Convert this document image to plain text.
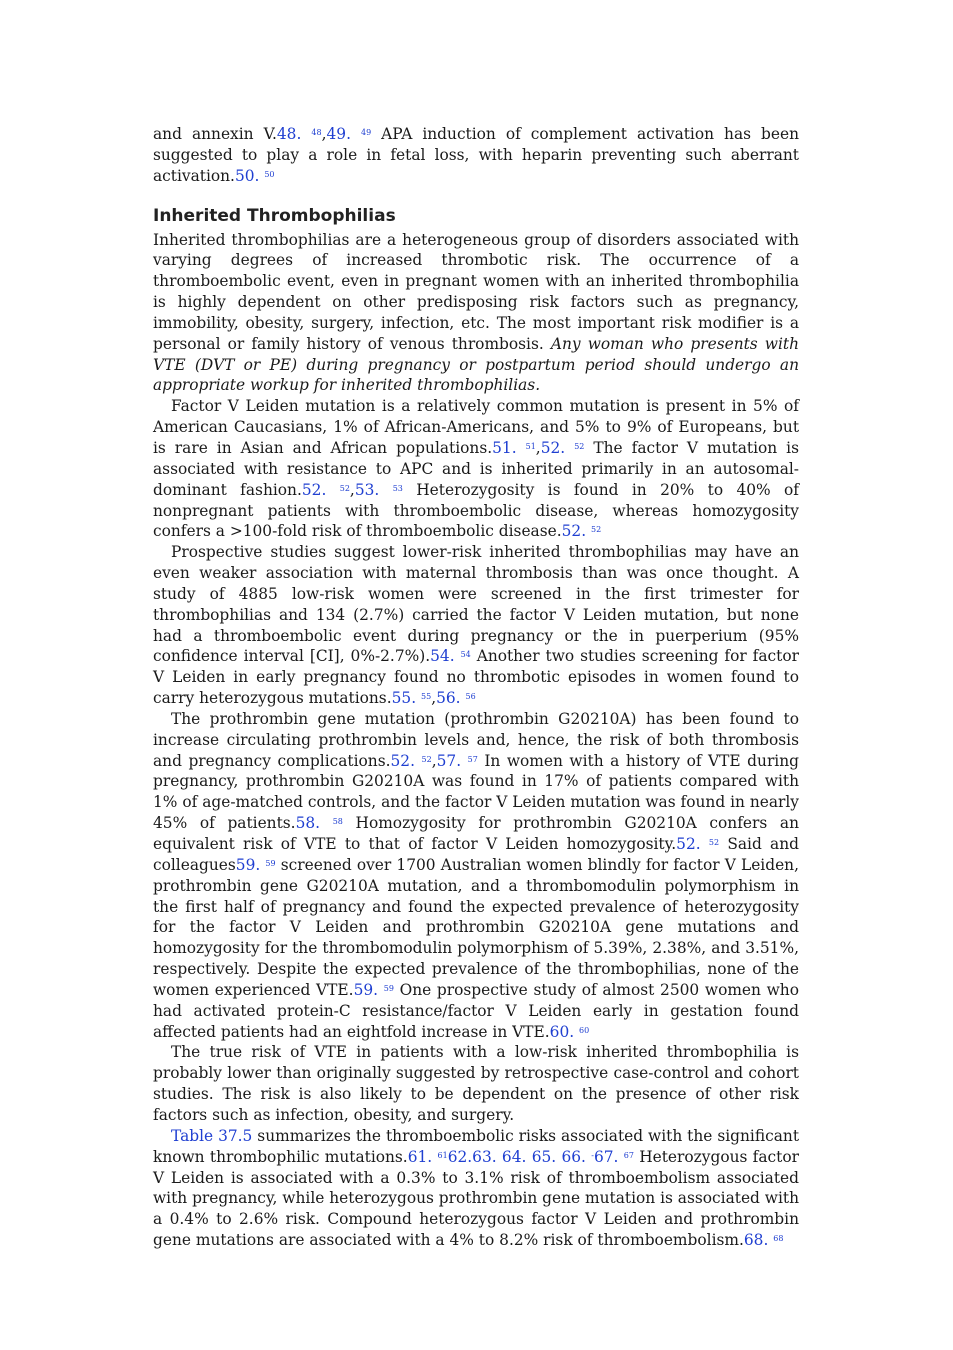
and annexin V.48. $^{48}$,49. $^{49}$ APA induction of complement activation has been suggested to play a role in fetal loss, with heparin preventing such aberrant activation.50. $^{50}$

Inherited Thrombophilias

Inherited thrombophilias are a heterogeneous group of disorders associated with varying degrees of increased thrombotic risk. The occurrence of a thromboembolic event, even in pregnant women with an inherited thrombophilia is highly dependent on other predisposing risk factors such as pregnancy, immobility, obesity, surgery, infection, etc. The most important risk modifier is a personal or family history of venous thrombosis. Any woman who presents with VTE (DVT or PE) during pregnancy or postpartum period should undergo an appropriate workup for inherited thrombophilias.

Factor V Leiden mutation is a relatively common mutation is present in 5% of American Caucasians, 1% of African-Americans, and 5% to 9% of Europeans, but is rare in Asian and African populations.51. $^{51}$,52. $^{52}$ The factor V mutation is associated with resistance to APC and is inherited primarily in an autosomal-dominant fashion.52. $^{52}$,53. $^{53}$ Heterozygosity is found in 20% to 40% of nonpregnant patients with thromboembolic disease, whereas homozygosity confers a >100-fold risk of thromboembolic disease.52. $^{52}$

Prospective studies suggest lower-risk inherited thrombophilias may have an even weaker association with maternal thrombosis than was once thought. A study of 4885 low-risk women were screened in the first trimester for thrombophilias and 134 (2.7%) carried the factor V Leiden mutation, but none had a thromboembolic event during pregnancy or the in puerperium (95% confidence interval [CI], 0%-2.7%).54. $^{54}$ Another two studies screening for factor V Leiden in early pregnancy found no thrombotic episodes in women found to carry heterozygous mutations.55. $^{55}$,56. $^{56}$

The prothrombin gene mutation (prothrombin G20210A) has been found to increase circulating prothrombin levels and, hence, the risk of both thrombosis and pregnancy complications.52. $^{52}$,57. $^{57}$ In women with a history of VTE during pregnancy, prothrombin G20210A was found in 17% of patients compared with 1% of age-matched controls, and the factor V Leiden mutation was found in nearly 45% of patients.58. $^{58}$ Homozygosity for prothrombin G20210A confers an equivalent risk of VTE to that of factor V Leiden homozygosity.52. $^{52}$ Said and colleagues59. $^{59}$ screened over 1700 Australian women blindly for factor V Leiden, prothrombin gene G20210A mutation, and a thrombomodulin polymorphism in the first half of pregnancy and found the expected prevalence of heterozygosity for the factor V Leiden and prothrombin G20210A gene mutations and homozygosity for the thrombomodulin polymorphism of 5.39%, 2.38%, and 3.51%, respectively. Despite the expected prevalence of the thrombophilias, none of the women experienced VTE.59. $^{59}$ One prospective study of almost 2500 women who had activated protein-C resistance/factor V Leiden early in gestation found affected patients had an eightfold increase in VTE.60. $^{60}$

The true risk of VTE in patients with a low-risk inherited thrombophilia is probably lower than originally suggested by retrospective case-control and cohort studies. The risk is also likely to be dependent on the presence of other risk factors such as infection, obesity, and surgery.

Table 37.5 summarizes the thromboembolic risks associated with the significant known thrombophilic mutations.61. $^{61}$62.63. 64. 65. 66. -67. $^{67}$ Heterozygous factor V Leiden is associated with a 0.3% to 3.1% risk of thromboembolism associated with pregnancy, while heterozygous prothrombin gene mutation is associated with a 0.4% to 2.6% risk. Compound heterozygous factor V Leiden and prothrombin gene mutations are associated with a 4% to 8.2% risk of thromboembolism.68. $^{68}$
